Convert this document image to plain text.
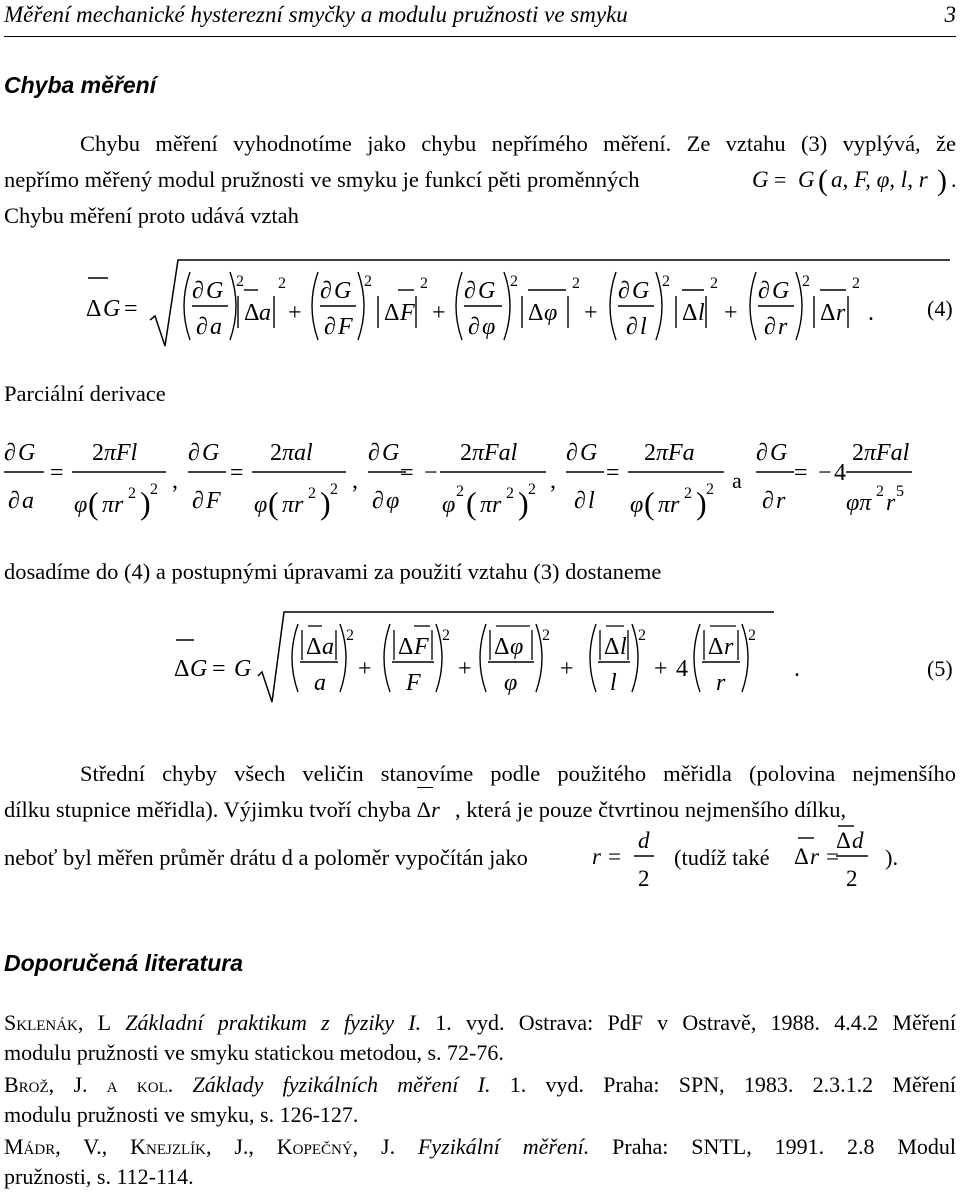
Měření mechanické hysterezní smyčky a modulu pružnosti ve smyku	3
Chyba měření
Chybu měření vyhodnotíme jako chybu nepřímého měření. Ze vztahu (3) vyplývá, že
nepřímo měřený modul pružnosti ve smyku je funkcí pěti proměnných	G = G ( a, F, φ, l, r ) .
Chybu měření proto udává vztah
Δ G =
∂ G
∂ a
2
Δ a
2
+
∂ G
∂ F
2
Δ F
2
+
∂ G
∂ φ
2
Δ φ
2
+
∂ G
∂ l
2
Δ l
2
+
∂ G
∂ r
2
Δ r
2
. (4)
Parciální derivace
∂ G
∂ a
=
2 πFl
φ ( πr 2 ) 2 ,
∂ G
∂ F
=
2 πal
φ ( πr 2 ) 2 ,
∂ G
∂ φ
= −
2 πFal
φ
2 ( πr 2 ) 2 ,
∂ G
∂ l
=
2 πFa
φ ( πr 2 ) 2 a
∂ G
∂ r
= − 4
2 πFal
φπ 2 r 5
dosadíme do (4) a postupnými úpravami za použití vztahu (3) dostaneme
Δ G = G
Δ a
a
2
+
Δ F
F
2
+
Δ φ
φ
2
+
Δ l
l
2
+ 4
Δ r
r
2
.	(5)
Střední chyby všech veličin stanovíme podle použitého měřidla (polovina nejmenšího
dílku stupnice měřidla). Výjimku tvoří chyba
Δr , která je pouze čtvrtinou nejmenšího dílku,
neboť byl měřen průměr drátu d a poloměr vypočítán jako	r =
d
2
(tudíž také	Δ r =
Δ d
2
).
Doporučená literatura
Sklenák, L Základní praktikum z fyziky I. 1. vyd. Ostrava: PdF v Ostravě, 1988. 4.4.2 Měření
modulu pružnosti ve smyku statickou metodou, s. 72-76.
Brož, J. a kol. Základy fyzikálních měření I. 1. vyd. Praha: SPN, 1983. 2.3.1.2 Měření
modulu pružnosti ve smyku, s. 126-127.
Mádr, V., Knejzlík, J., Kopečný, J. Fyzikální měření. Praha: SNTL, 1991. 2.8 Modul
pružnosti, s. 112-114.
